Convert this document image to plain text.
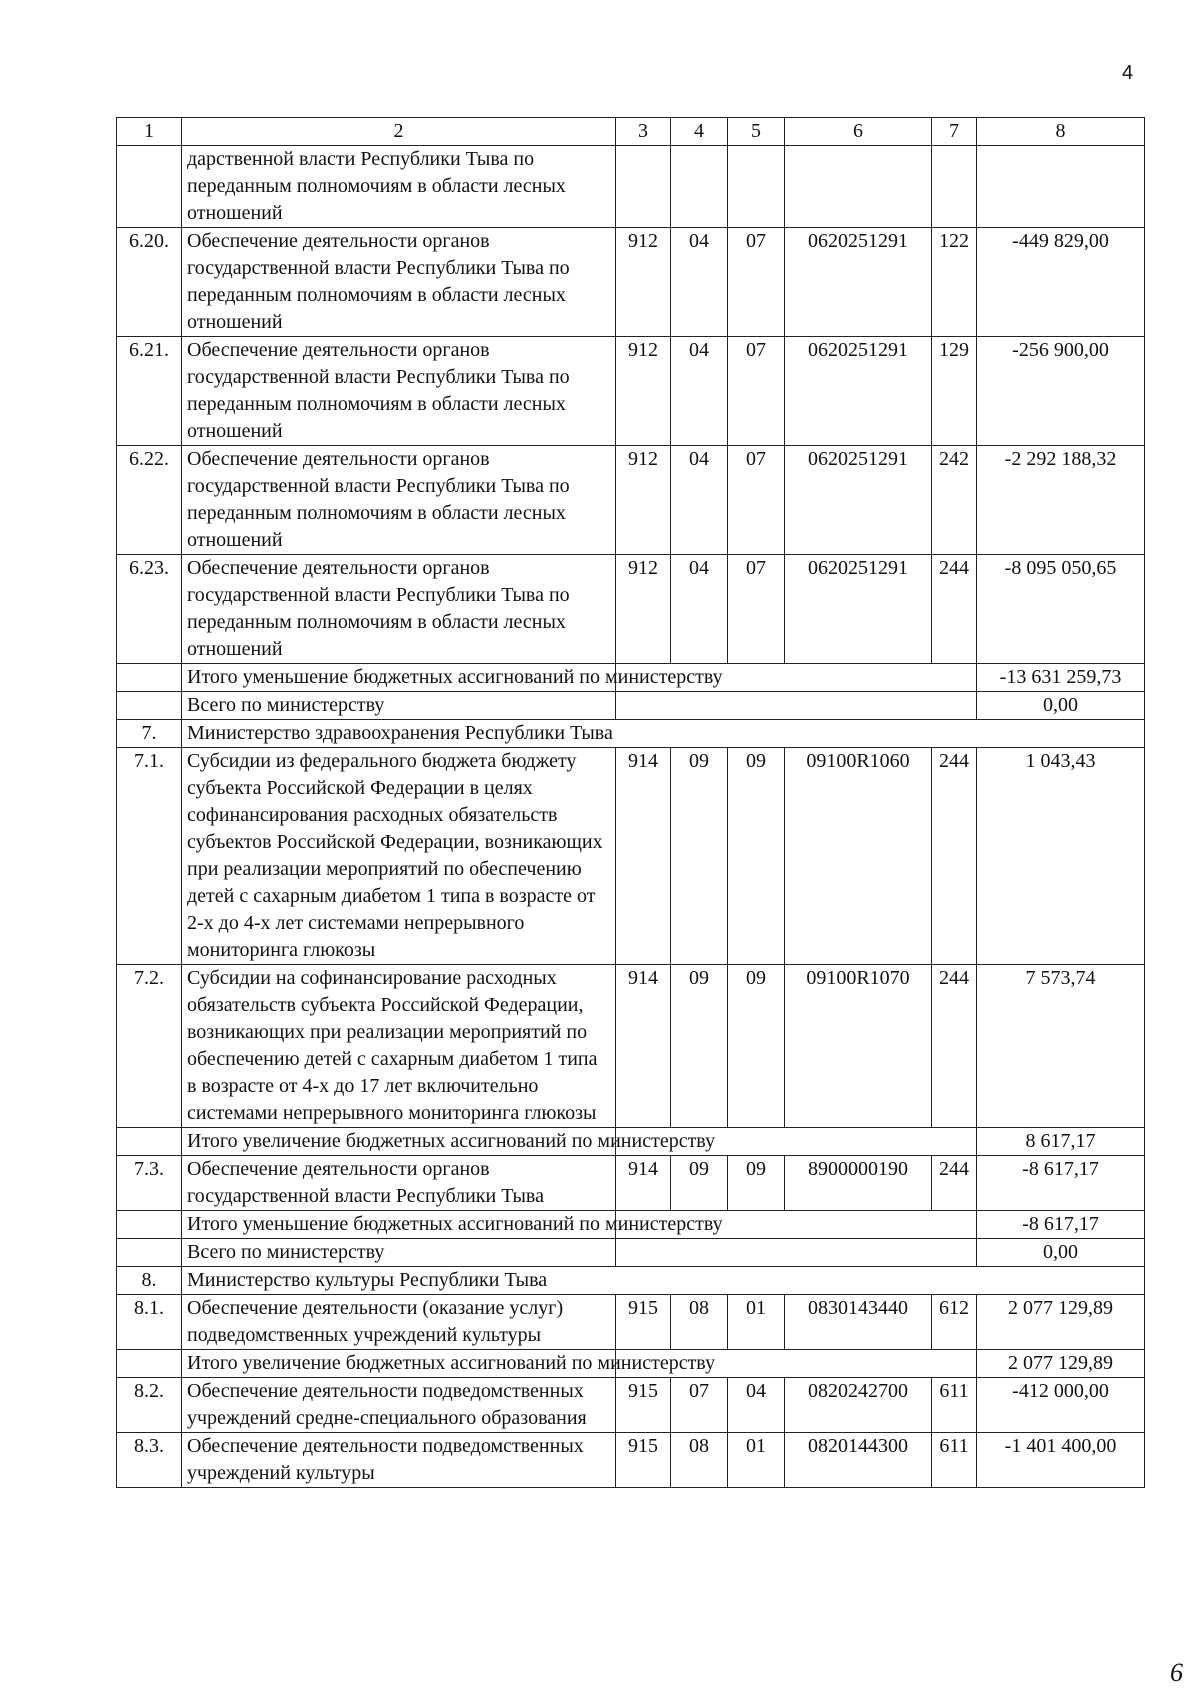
4
1	2	3	4	5	6	7	8
	дарственной власти Республики Тыва по переданным полномочиям в области лесных отношений						
6.20.	Обеспечение деятельности органов государственной власти Республики Тыва по переданным полномочиям в области лесных отношений	912	04	07	0620251291	122	-449 829,00
6.21.	Обеспечение деятельности органов государственной власти Республики Тыва по переданным полномочиям в области лесных отношений	912	04	07	0620251291	129	-256 900,00
6.22.	Обеспечение деятельности органов государственной власти Республики Тыва по переданным полномочиям в области лесных отношений	912	04	07	0620251291	242	-2 292 188,32
6.23.	Обеспечение деятельности органов государственной власти Республики Тыва по переданным полномочиям в области лесных отношений	912	04	07	0620251291	244	-8 095 050,65
	Итого уменьшение бюджетных ассигнований по министерству						-13 631 259,73
	Всего по министерству						0,00
7.	Министерство здравоохранения Республики Тыва						
7.1.	Субсидии из федерального бюджета бюджету субъекта Российской Федерации в целях софинансирования расходных обязательств субъектов Российской Федерации, возникающих при реализации мероприятий по обеспечению детей с сахарным диабетом 1 типа в возрасте от 2-х до 4-х лет системами непрерывного мониторинга глюкозы	914	09	09	09100R1060	244	1 043,43
7.2.	Субсидии на софинансирование расходных обязательств субъекта Российской Федерации, возникающих при реализации мероприятий по обеспечению детей с сахарным диабетом 1 типа в возрасте от 4-х до 17 лет включительно системами непрерывного мониторинга глюкозы	914	09	09	09100R1070	244	7 573,74
	Итого увеличение бюджетных ассигнований по министерству						8 617,17
7.3.	Обеспечение деятельности органов государственной власти Республики Тыва	914	09	09	8900000190	244	-8 617,17
	Итого уменьшение бюджетных ассигнований по министерству						-8 617,17
	Всего по министерству						0,00
8.	Министерство культуры Республики Тыва						
8.1.	Обеспечение деятельности (оказание услуг) подведомственных учреждений культуры	915	08	01	0830143440	612	2 077 129,89
	Итого увеличение бюджетных ассигнований по министерству						2 077 129,89
8.2.	Обеспечение деятельности подведомственных учреждений средне-специального образования	915	07	04	0820242700	611	-412 000,00
8.3.	Обеспечение деятельности подведомственных учреждений культуры	915	08	01	0820144300	611	-1 401 400,00
6
